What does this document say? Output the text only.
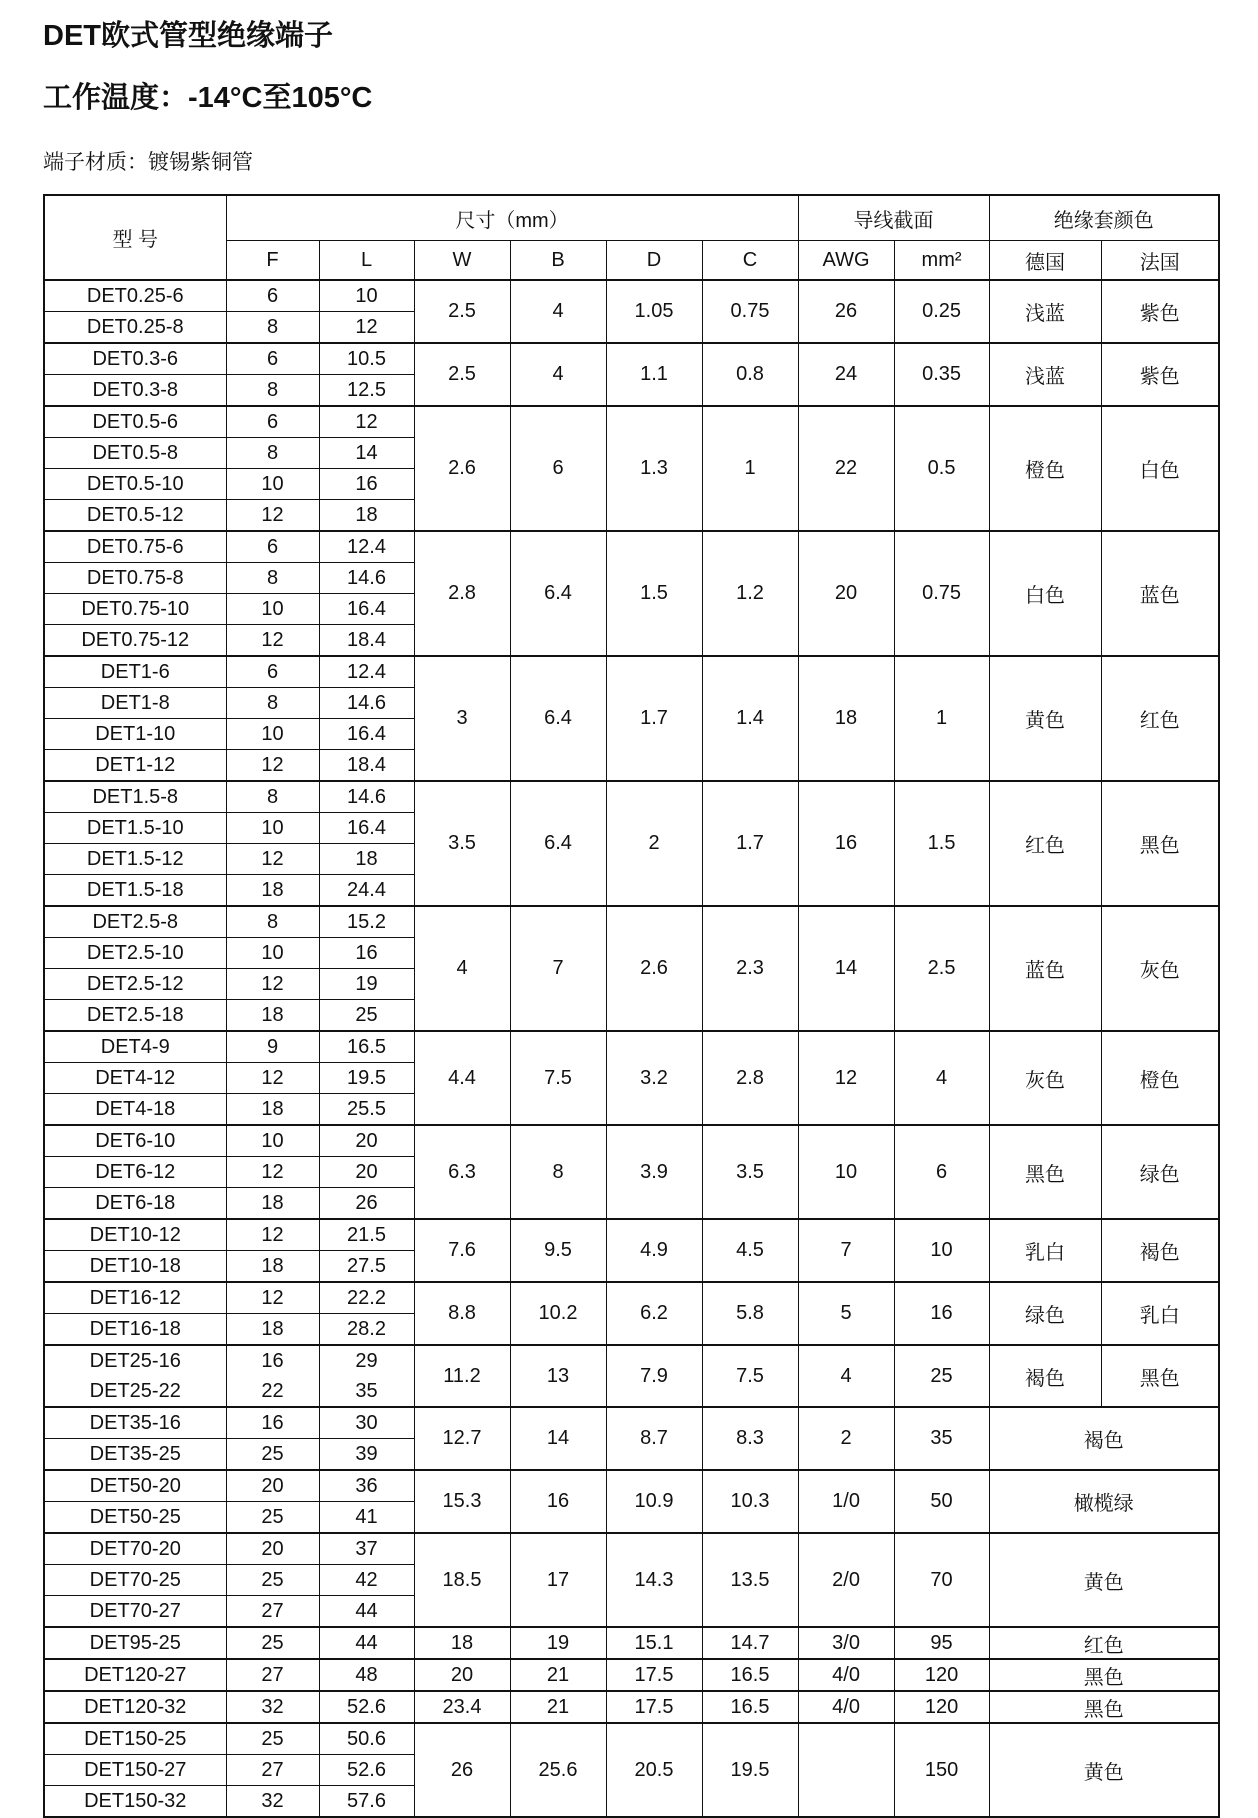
DET欧式管型绝缘端子
工作温度：-14°C至105°C
端子材质：镀锡紫铜管
型 号	尺寸（mm）						导线截面		绝缘套颜色	
	F	L	W	B	D	C	AWG	mm²	德国	法国
DET0.25-6	6	10	2.5	4	1.05	0.75	26	0.25	浅蓝	紫色
DET0.25-8	8	12								
DET0.3-6	6	10.5	2.5	4	1.1	0.8	24	0.35	浅蓝	紫色
DET0.3-8	8	12.5								
DET0.5-6	6	12	2.6	6	1.3	1	22	0.5	橙色	白色
DET0.5-8	8	14								
DET0.5-10	10	16								
DET0.5-12	12	18								
DET0.75-6	6	12.4	2.8	6.4	1.5	1.2	20	0.75	白色	蓝色
DET0.75-8	8	14.6								
DET0.75-10	10	16.4								
DET0.75-12	12	18.4								
DET1-6	6	12.4	3	6.4	1.7	1.4	18	1	黄色	红色
DET1-8	8	14.6								
DET1-10	10	16.4								
DET1-12	12	18.4								
DET1.5-8	8	14.6	3.5	6.4	2	1.7	16	1.5	红色	黑色
DET1.5-10	10	16.4								
DET1.5-12	12	18								
DET1.5-18	18	24.4								
DET2.5-8	8	15.2	4	7	2.6	2.3	14	2.5	蓝色	灰色
DET2.5-10	10	16								
DET2.5-12	12	19								
DET2.5-18	18	25								
DET4-9	9	16.5	4.4	7.5	3.2	2.8	12	4	灰色	橙色
DET4-12	12	19.5								
DET4-18	18	25.5								
DET6-10	10	20	6.3	8	3.9	3.5	10	6	黑色	绿色
DET6-12	12	20								
DET6-18	18	26								
DET10-12	12	21.5	7.6	9.5	4.9	4.5	7	10	乳白	褐色
DET10-18	18	27.5								
DET16-12	12	22.2	8.8	10.2	6.2	5.8	5	16	绿色	乳白
DET16-18	18	28.2								
DET25-16	16	29	11.2	13	7.9	7.5	4	25	褐色	黑色
DET25-22	22	35								
DET35-16	16	30	12.7	14	8.7	8.3	2	35	褐色	
DET35-25	25	39								
DET50-20	20	36	15.3	16	10.9	10.3	1/0	50	橄榄绿	
DET50-25	25	41								
DET70-20	20	37	18.5	17	14.3	13.5	2/0	70	黄色	
DET70-25	25	42								
DET70-27	27	44								
DET95-25	25	44	18	19	15.1	14.7	3/0	95	红色	
DET120-27	27	48	20	21	17.5	16.5	4/0	120	黑色	
DET120-32	32	52.6	23.4	21	17.5	16.5	4/0	120	黑色	
DET150-25	25	50.6	26	25.6	20.5	19.5		150	黄色	
DET150-27	27	52.6								
DET150-32	32	57.6								
